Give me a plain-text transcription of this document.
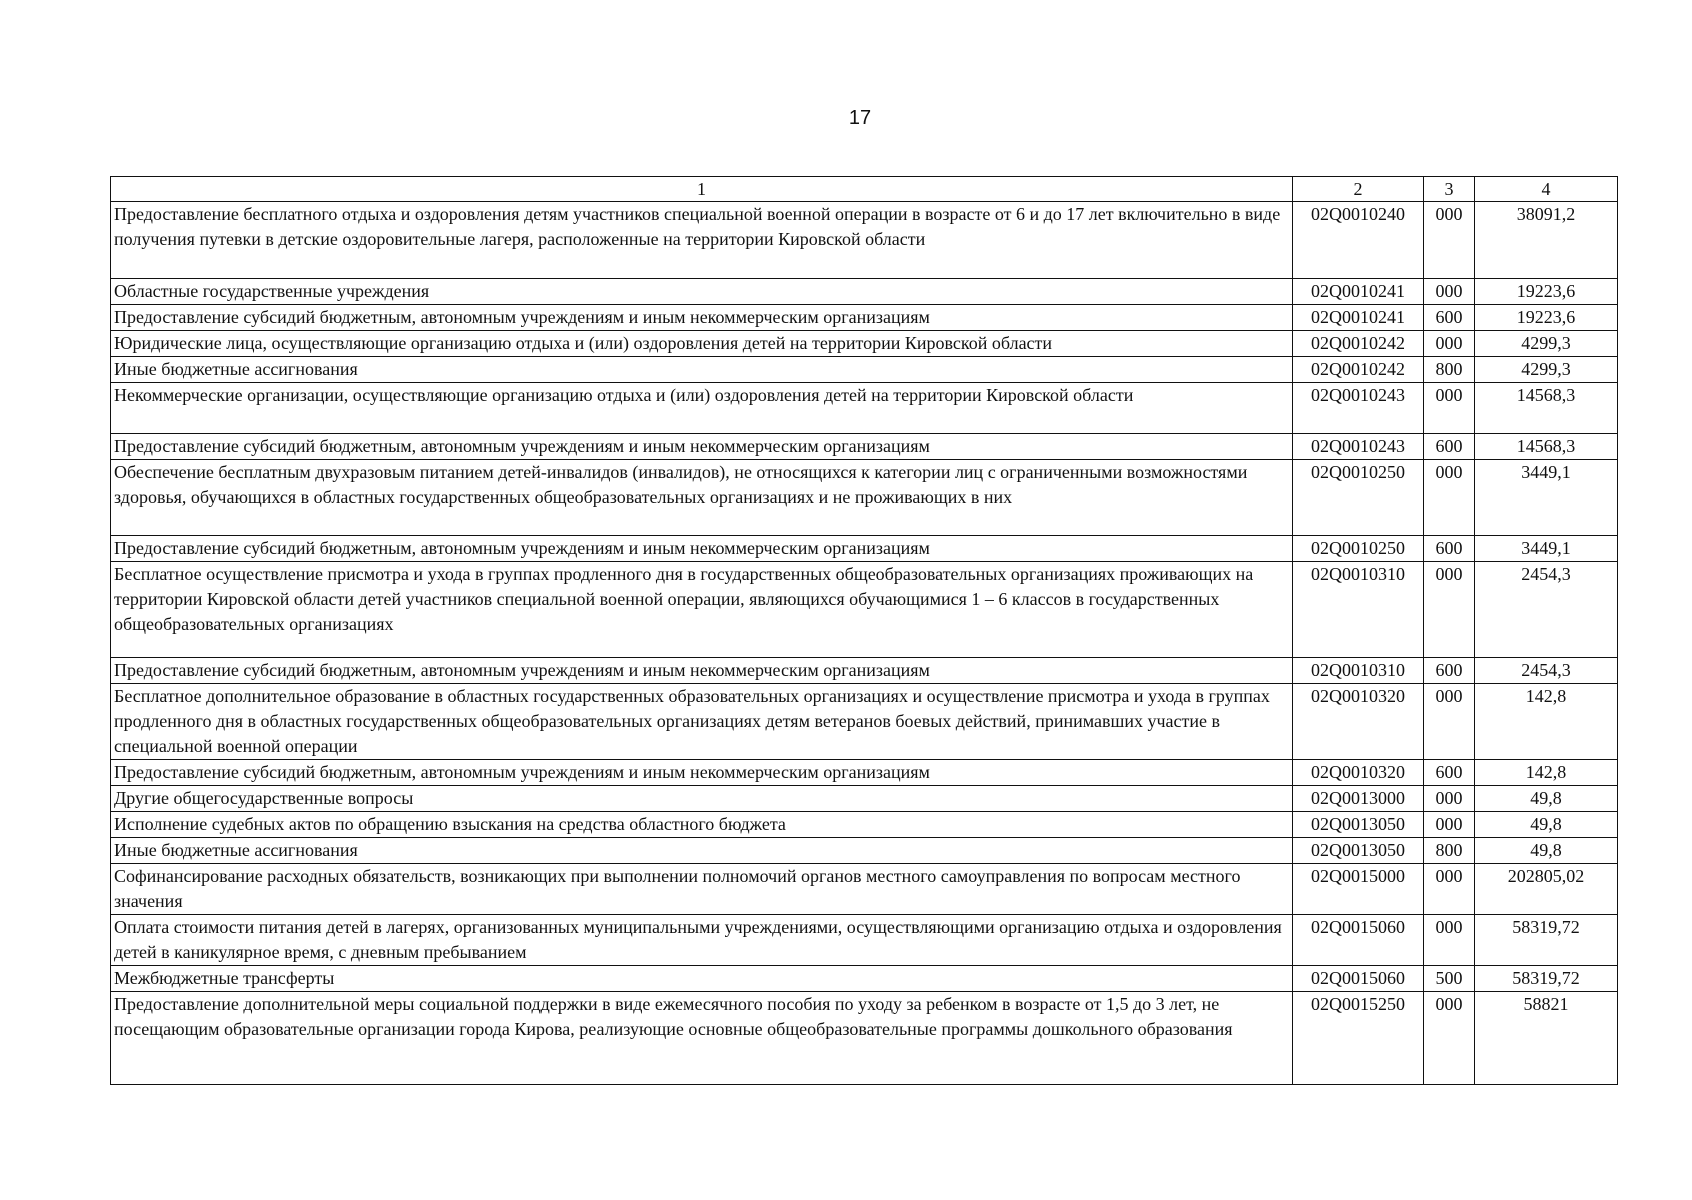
17
1	2	3	4
Предоставление бесплатного отдыха и оздоровления детям участников специальной военной операции в возрасте от 6 и до 17 лет включительно в виде получения путевки в детские оздоровительные лагеря, расположенные на территории Кировской области	02Q0010240	000	38091,2
Областные государственные учреждения	02Q0010241	000	19223,6
Предоставление субсидий бюджетным, автономным учреждениям и иным некоммерческим организациям	02Q0010241	600	19223,6
Юридические лица, осуществляющие организацию отдыха и (или) оздоровления детей на территории Кировской области	02Q0010242	000	4299,3
Иные бюджетные ассигнования	02Q0010242	800	4299,3
Некоммерческие организации, осуществляющие организацию отдыха и (или) оздоровления детей на территории Кировской области	02Q0010243	000	14568,3
Предоставление субсидий бюджетным, автономным учреждениям и иным некоммерческим организациям	02Q0010243	600	14568,3
Обеспечение бесплатным двухразовым питанием детей-инвалидов (инвалидов), не относящихся к категории лиц с ограниченными возможностями здоровья, обучающихся в областных государственных общеобразовательных организациях и не проживающих в них	02Q0010250	000	3449,1
Предоставление субсидий бюджетным, автономным учреждениям и иным некоммерческим организациям	02Q0010250	600	3449,1
Бесплатное осуществление присмотра и ухода в группах продленного дня в государственных общеобразовательных организациях проживающих на территории Кировской области детей участников специальной военной операции, являющихся обучающимися 1 – 6 классов в государственных общеобразовательных организациях	02Q0010310	000	2454,3
Предоставление субсидий бюджетным, автономным учреждениям и иным некоммерческим организациям	02Q0010310	600	2454,3
Бесплатное дополнительное образование в областных государственных образовательных организациях и осуществление присмотра и ухода в группах продленного дня в областных государственных общеобразовательных организациях детям ветеранов боевых действий, принимавших участие в специальной военной операции	02Q0010320	000	142,8
Предоставление субсидий бюджетным, автономным учреждениям и иным некоммерческим организациям	02Q0010320	600	142,8
Другие общегосударственные вопросы	02Q0013000	000	49,8
Исполнение судебных актов по обращению взыскания на средства областного бюджета	02Q0013050	000	49,8
Иные бюджетные ассигнования	02Q0013050	800	49,8
Софинансирование расходных обязательств, возникающих при выполнении полномочий органов местного самоуправления по вопросам местного значения	02Q0015000	000	202805,02
Оплата стоимости питания детей в лагерях, организованных муниципальными учреждениями, осуществляющими организацию отдыха и оздоровления детей в каникулярное время, с дневным пребыванием	02Q0015060	000	58319,72
Межбюджетные трансферты	02Q0015060	500	58319,72
Предоставление дополнительной меры социальной поддержки в виде ежемесячного пособия по уходу за ребенком в возрасте от 1,5 до 3 лет, не посещающим образовательные организации города Кирова, реализующие основные общеобразовательные программы дошкольного образования	02Q0015250	000	58821
